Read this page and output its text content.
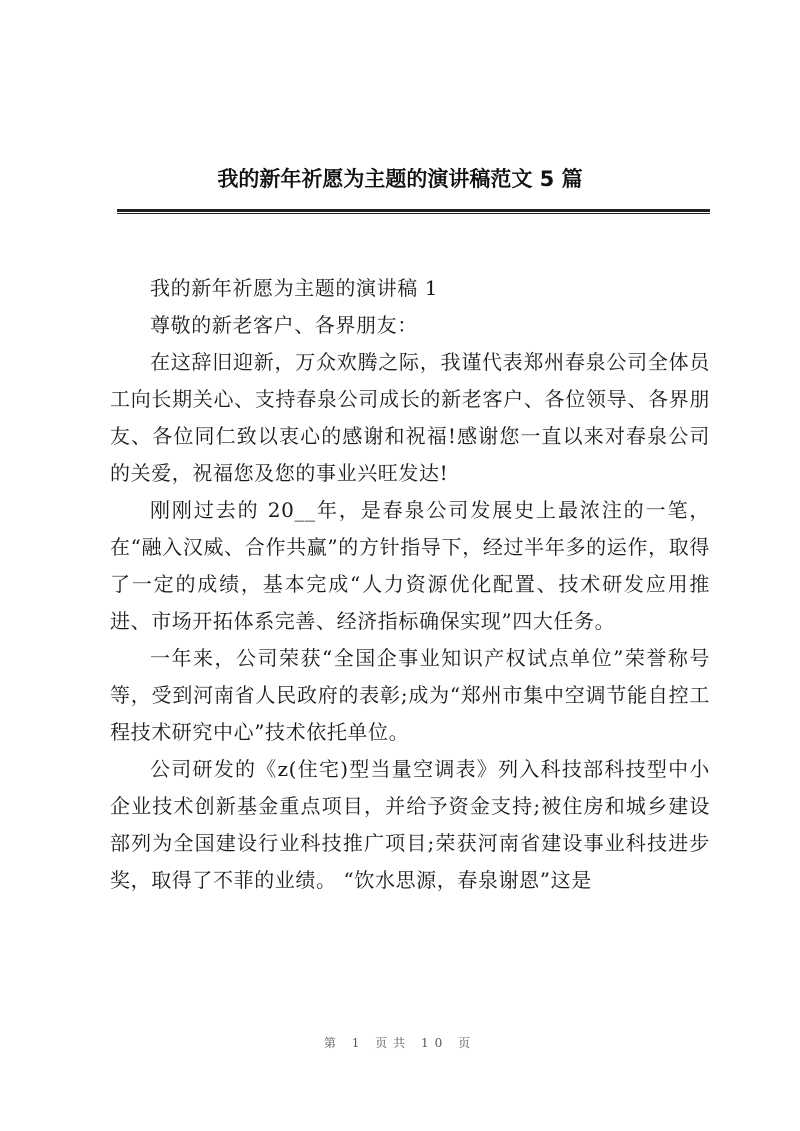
我的新年祈愿为主题的演讲稿范文 5 篇

我的新年祈愿为主题的演讲稿 1

尊敬的新老客户、各界朋友：

在这辞旧迎新，万众欢腾之际，我谨代表郑州春泉公司全体员工向长期关心、支持春泉公司成长的新老客户、各位领导、各界朋友、各位同仁致以衷心的感谢和祝福!感谢您一直以来对春泉公司的关爱，祝福您及您的事业兴旺发达!

刚刚过去的 20__年，是春泉公司发展史上最浓注的一笔，在“融入汉威、合作共赢”的方针指导下，经过半年多的运作，取得了一定的成绩，基本完成“人力资源优化配置、技术研发应用推进、市场开拓体系完善、经济指标确保实现”四大任务。

一年来，公司荣获“全国企事业知识产权试点单位”荣誉称号等，受到河南省人民政府的表彰;成为“郑州市集中空调节能自控工程技术研究中心”技术依托单位。

公司研发的《z(住宅)型当量空调表》列入科技部科技型中小企业技术创新基金重点项目，并给予资金支持;被住房和城乡建设部列为全国建设行业科技推广项目;荣获河南省建设事业科技进步奖，取得了不菲的业绩。 “饮水思源，春泉谢恩”这是

第 1 页共 10 页
